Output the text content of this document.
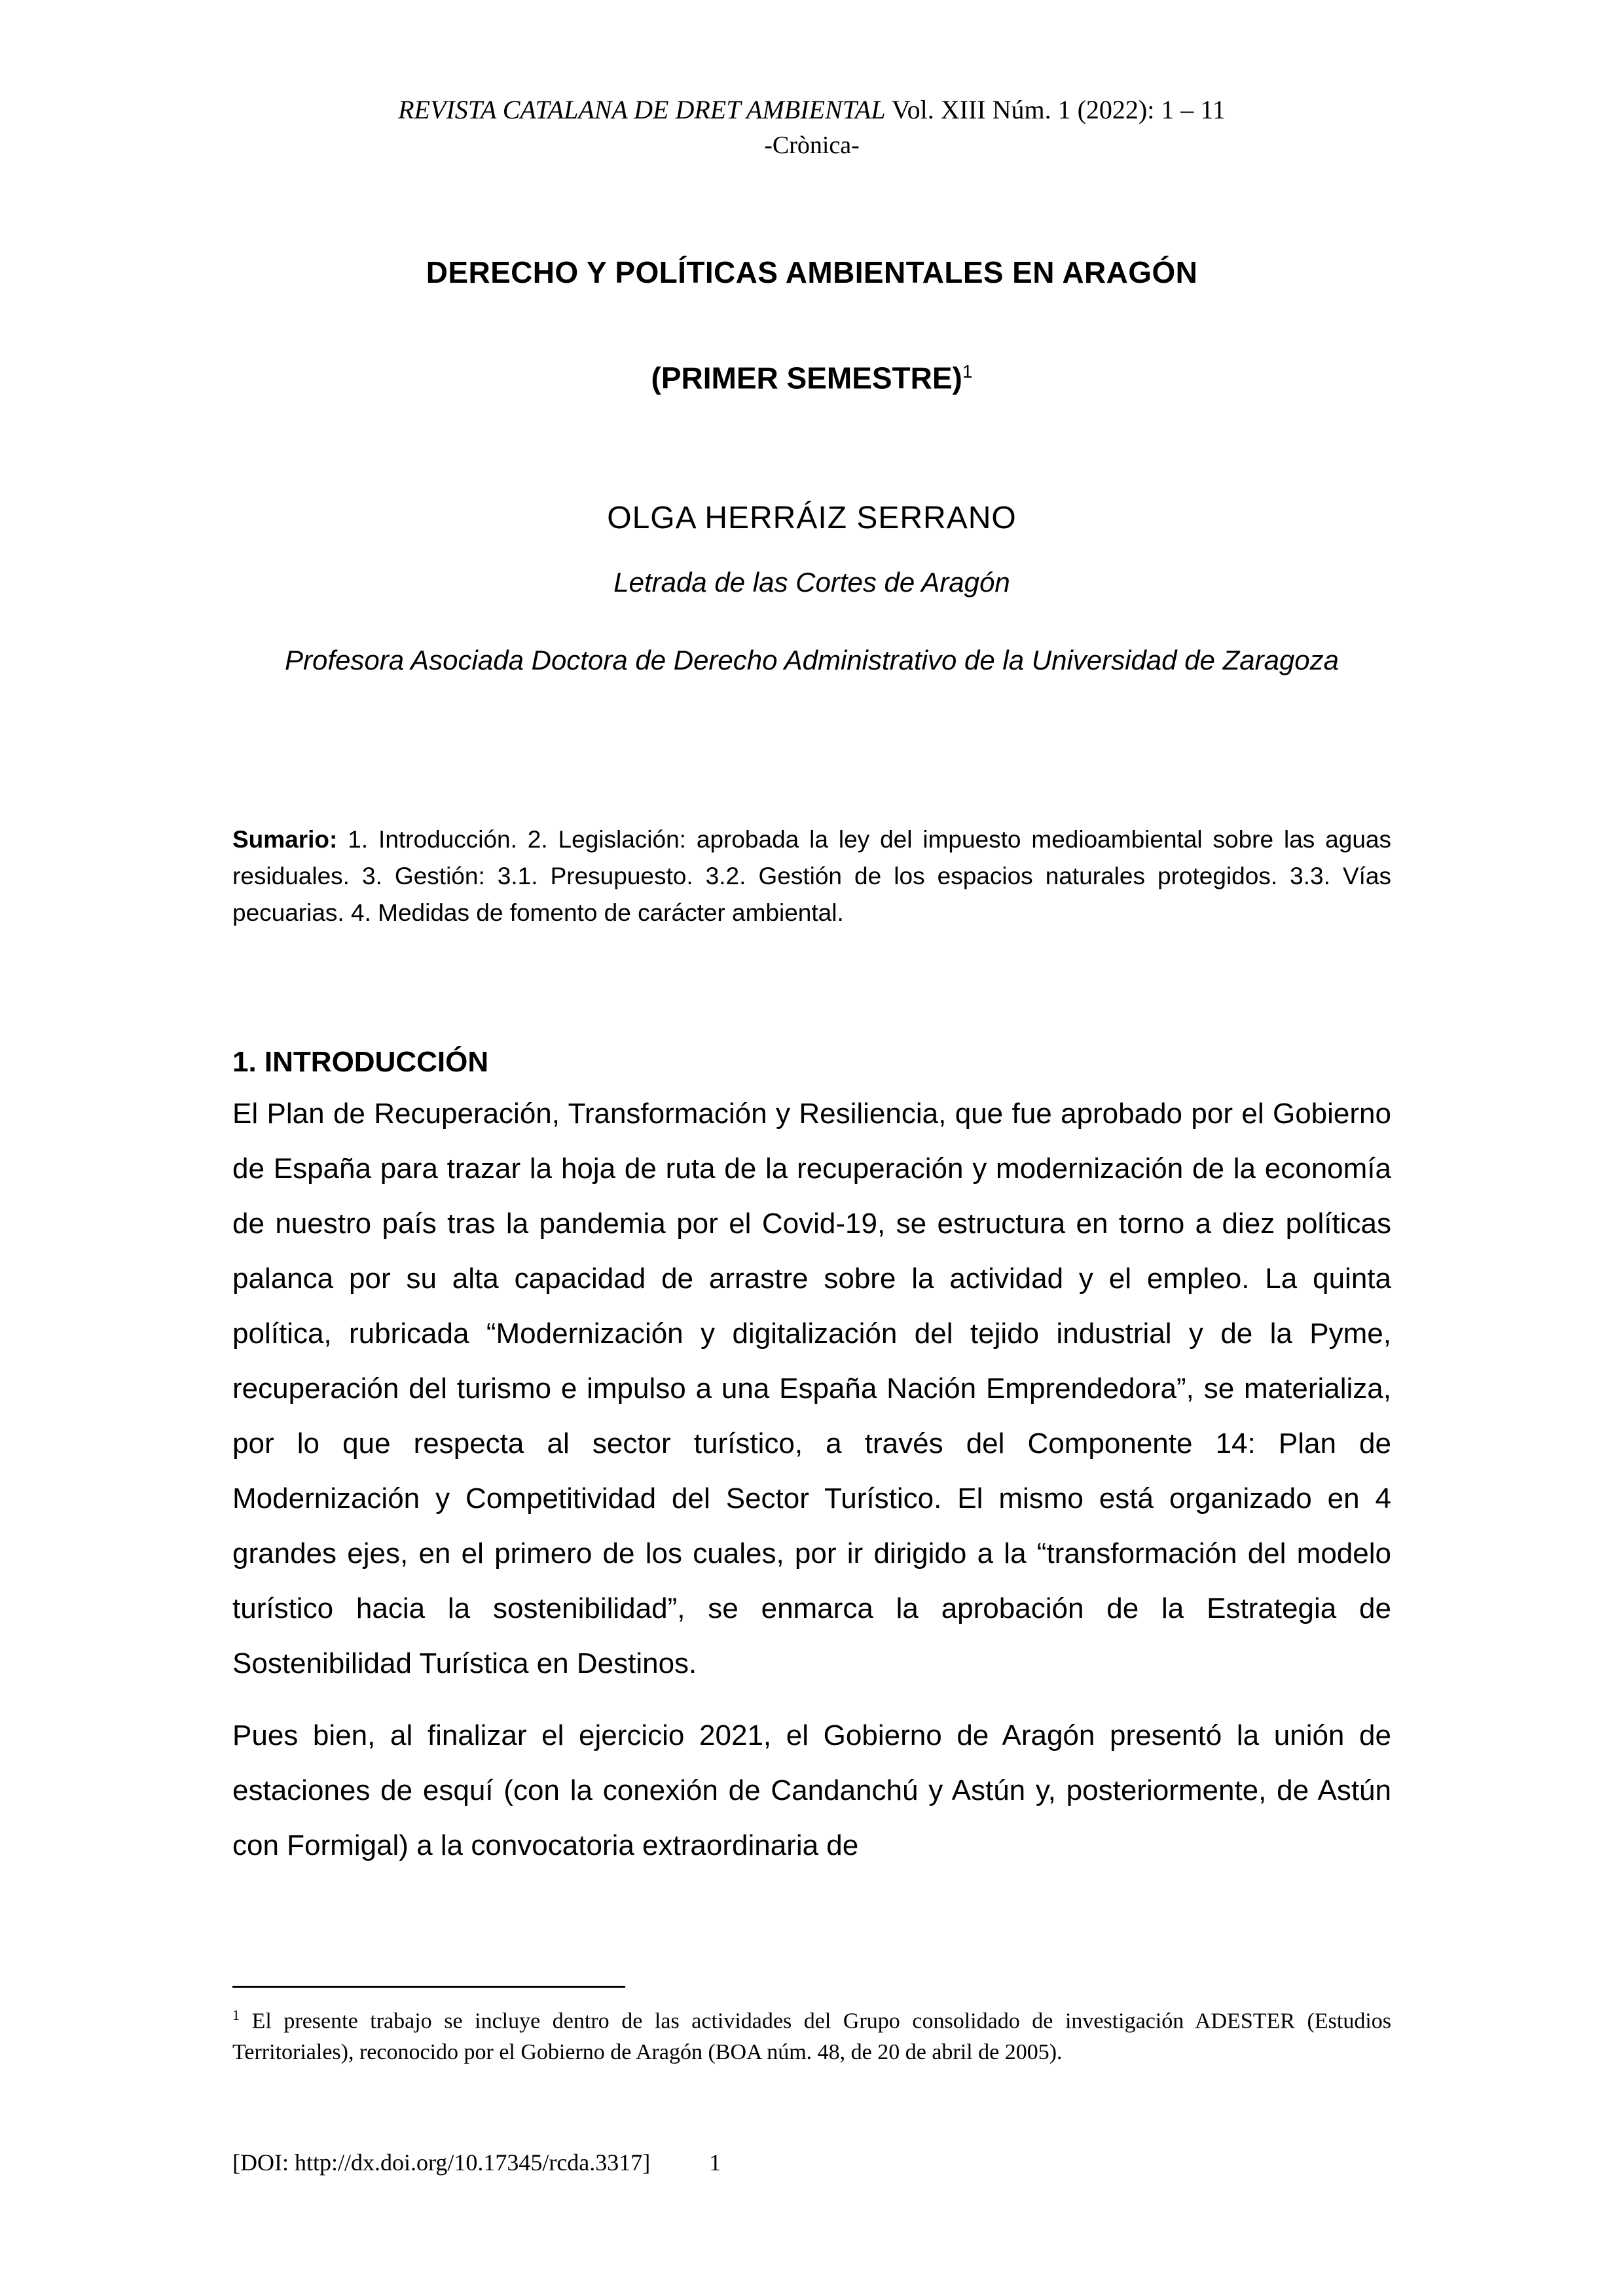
REVISTA CATALANA DE DRET AMBIENTAL Vol. XIII Núm. 1 (2022): 1 – 11
-Crònica-
DERECHO Y POLÍTICAS AMBIENTALES EN ARAGÓN
(PRIMER SEMESTRE)$^1$
OLGA HERRÁIZ SERRANO
Letrada de las Cortes de Aragón
Profesora Asociada Doctora de Derecho Administrativo de la Universidad de Zaragoza
Sumario: 1. Introducción. 2. Legislación: aprobada la ley del impuesto medioambiental sobre las aguas residuales. 3. Gestión: 3.1. Presupuesto. 3.2. Gestión de los espacios naturales protegidos. 3.3. Vías pecuarias. 4. Medidas de fomento de carácter ambiental.
1. INTRODUCCIÓN

El Plan de Recuperación, Transformación y Resiliencia, que fue aprobado por el Gobierno de España para trazar la hoja de ruta de la recuperación y modernización de la economía de nuestro país tras la pandemia por el Covid-19, se estructura en torno a diez políticas palanca por su alta capacidad de arrastre sobre la actividad y el empleo. La quinta política, rubricada “Modernización y digitalización del tejido industrial y de la Pyme, recuperación del turismo e impulso a una España Nación Emprendedora”, se materializa, por lo que respecta al sector turístico, a través del Componente 14: Plan de Modernización y Competitividad del Sector Turístico. El mismo está organizado en 4 grandes ejes, en el primero de los cuales, por ir dirigido a la “transformación del modelo turístico hacia la sostenibilidad”, se enmarca la aprobación de la Estrategia de Sostenibilidad Turística en Destinos.

Pues bien, al finalizar el ejercicio 2021, el Gobierno de Aragón presentó la unión de estaciones de esquí (con la conexión de Candanchú y Astún y, posteriormente, de Astún con Formigal) a la convocatoria extraordinaria de

$^1$ El presente trabajo se incluye dentro de las actividades del Grupo consolidado de investigación ADESTER (Estudios Territoriales), reconocido por el Gobierno de Aragón (BOA núm. 48, de 20 de abril de 2005).
[DOI: http://dx.doi.org/10.17345/rcda.3317]	1
